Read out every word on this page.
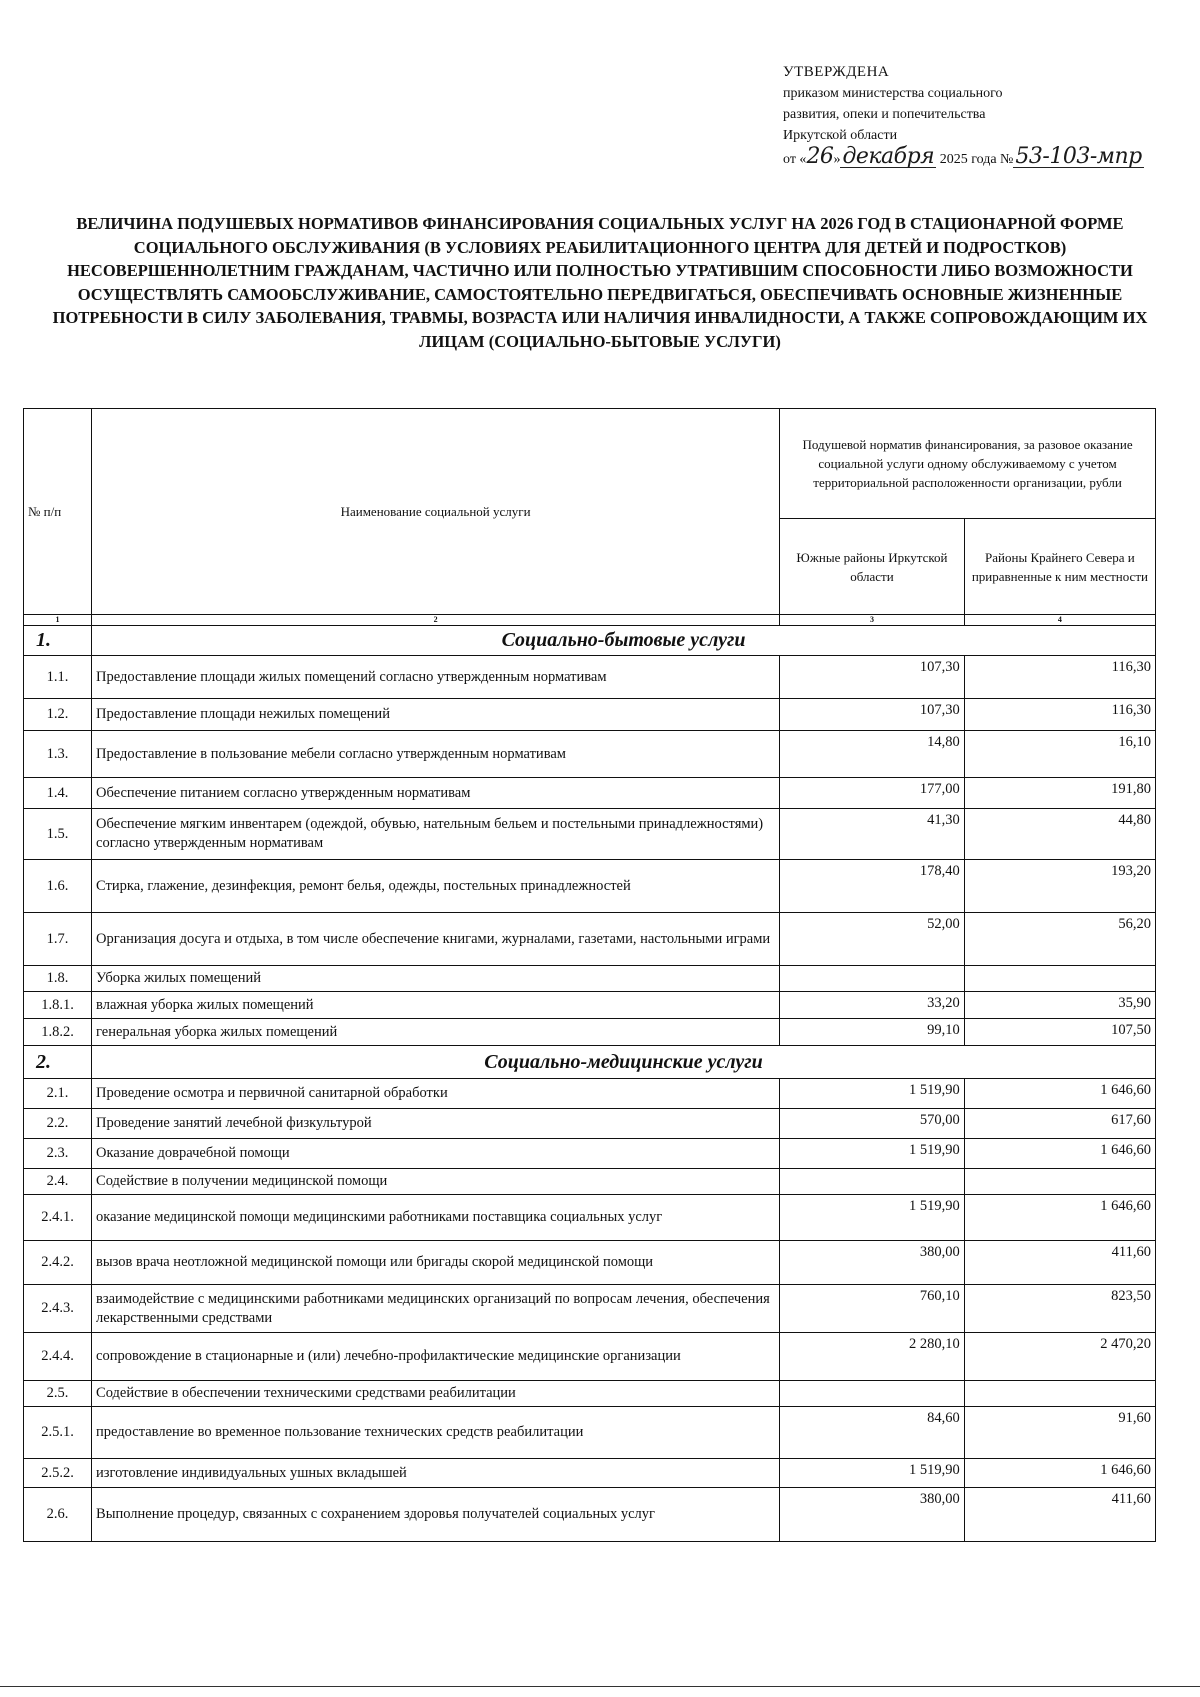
УТВЕРЖДЕНА
приказом министерства социального
развития, опеки и попечительства
Иркутской области
от «26»декабря 2025 года №53-103-мпр
ВЕЛИЧИНА ПОДУШЕВЫХ НОРМАТИВОВ ФИНАНСИРОВАНИЯ СОЦИАЛЬНЫХ УСЛУГ НА 2026 ГОД В СТАЦИОНАРНОЙ ФОРМЕ СОЦИАЛЬНОГО ОБСЛУЖИВАНИЯ (В УСЛОВИЯХ РЕАБИЛИТАЦИОННОГО ЦЕНТРА ДЛЯ ДЕТЕЙ И ПОДРОСТКОВ) НЕСОВЕРШЕННОЛЕТНИМ ГРАЖДАНАМ, ЧАСТИЧНО ИЛИ ПОЛНОСТЬЮ УТРАТИВШИМ СПОСОБНОСТИ ЛИБО ВОЗМОЖНОСТИ ОСУЩЕСТВЛЯТЬ САМООБСЛУЖИВАНИЕ, САМОСТОЯТЕЛЬНО ПЕРЕДВИГАТЬСЯ, ОБЕСПЕЧИВАТЬ ОСНОВНЫЕ ЖИЗНЕННЫЕ ПОТРЕБНОСТИ В СИЛУ ЗАБОЛЕВАНИЯ, ТРАВМЫ, ВОЗРАСТА ИЛИ НАЛИЧИЯ ИНВАЛИДНОСТИ, А ТАКЖЕ СОПРОВОЖДАЮЩИМ ИХ ЛИЦАМ (СОЦИАЛЬНО-БЫТОВЫЕ УСЛУГИ)
№ п/п	Наименование социальной услуги	Подушевой норматив финансирования, за разовое оказание социальной услуги одному обслуживаемому с учетом территориальной расположенности организации, рубли	
		Южные районы Иркутской области	Районы Крайнего Севера и приравненные к ним местности
1	2	3	4
1.	Социально-бытовые услуги		
1.1.	Предоставление площади жилых помещений согласно утвержденным нормативам	107,30	116,30
1.2.	Предоставление площади нежилых помещений	107,30	116,30
1.3.	Предоставление в пользование мебели согласно утвержденным нормативам	14,80	16,10
1.4.	Обеспечение питанием согласно утвержденным нормативам	177,00	191,80
1.5.	Обеспечение мягким инвентарем (одеждой, обувью, нательным бельем и постельными принадлежностями) согласно утвержденным нормативам	41,30	44,80
1.6.	Стирка, глажение, дезинфекция, ремонт белья, одежды, постельных принадлежностей	178,40	193,20
1.7.	Организация досуга и отдыха, в том числе обеспечение книгами, журналами, газетами, настольными играми	52,00	56,20
1.8.	Уборка жилых помещений		
1.8.1.	влажная уборка жилых помещений	33,20	35,90
1.8.2.	генеральная уборка жилых помещений	99,10	107,50
2.	Социально-медицинские услуги		
2.1.	Проведение осмотра и первичной санитарной обработки	1 519,90	1 646,60
2.2.	Проведение занятий лечебной физкультурой	570,00	617,60
2.3.	Оказание доврачебной помощи	1 519,90	1 646,60
2.4.	Содействие в получении медицинской помощи		
2.4.1.	оказание медицинской помощи медицинскими работниками поставщика социальных услуг	1 519,90	1 646,60
2.4.2.	вызов врача неотложной медицинской помощи или бригады скорой медицинской помощи	380,00	411,60
2.4.3.	взаимодействие с медицинскими работниками медицинских организаций по вопросам лечения, обеспечения лекарственными средствами	760,10	823,50
2.4.4.	сопровождение в стационарные и (или) лечебно-профилактические медицинские организации	2 280,10	2 470,20
2.5.	Содействие в обеспечении техническими средствами реабилитации		
2.5.1.	предоставление во временное пользование технических средств реабилитации	84,60	91,60
2.5.2.	изготовление индивидуальных ушных вкладышей	1 519,90	1 646,60
2.6.	Выполнение процедур, связанных с сохранением здоровья получателей социальных услуг	380,00	411,60
